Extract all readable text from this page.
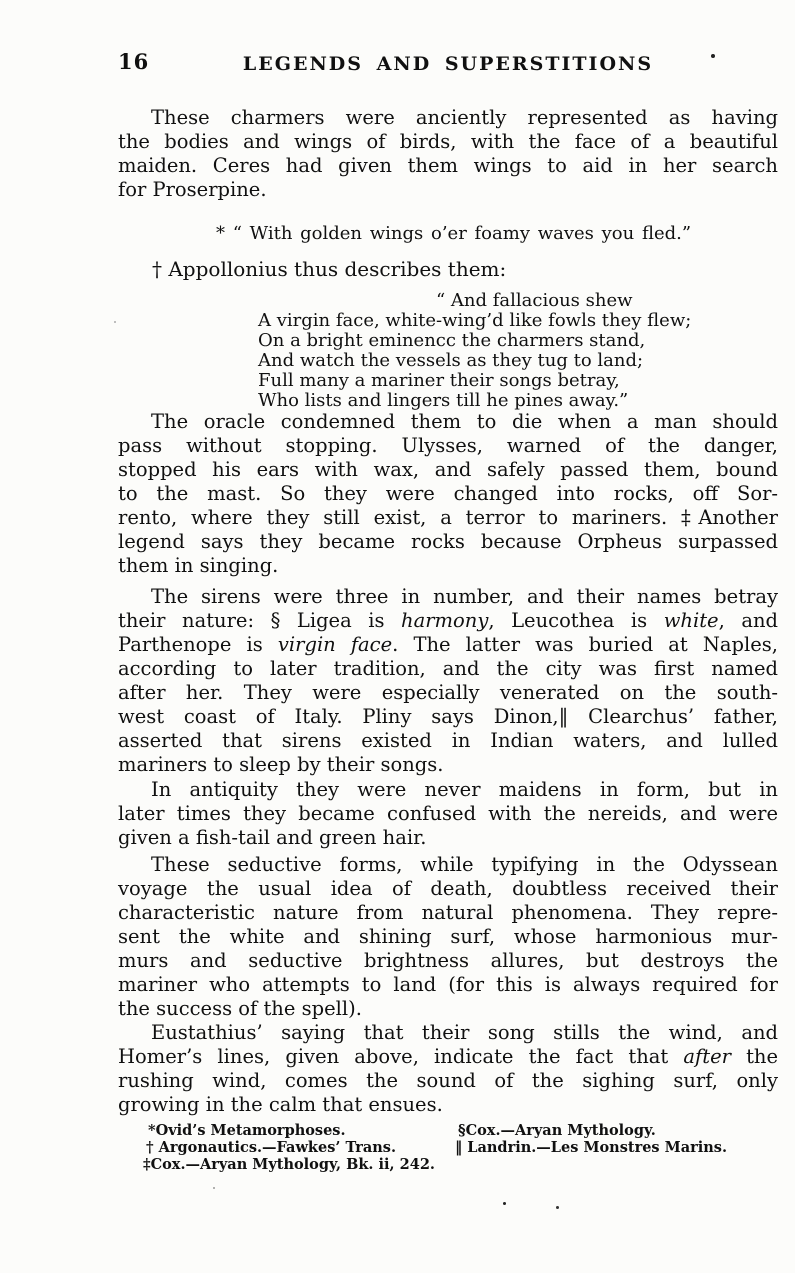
16	LEGENDS AND SUPERSTITIONS
These charmers were anciently represented as having
the bodies and wings of birds, with the face of a beautiful
maiden. Ceres had given them wings to aid in her search
for Proserpine.
* “ With golden wings o’er foamy waves you fled.”
† Appollonius thus describes them:
“ And fallacious shew
A virgin face, white-wing’d like fowls they flew;
On a bright eminencc the charmers stand,
And watch the vessels as they tug to land;
Full many a mariner their songs betray,
Who lists and lingers till he pines away.”
The oracle condemned them to die when a man should
pass without stopping. Ulysses, warned of the danger,
stopped his ears with wax, and safely passed them, bound
to the mast. So they were changed into rocks, off Sor-
rento, where they still exist, a terror to mariners. ‡Another
legend says they became rocks because Orpheus surpassed
them in singing.
The sirens were three in number, and their names betray
their nature: § Ligea is harmony, Leucothea is white, and
Parthenope is virgin face. The latter was buried at Naples,
according to later tradition, and the city was first named
after her. They were especially venerated on the south-
west coast of Italy. Pliny says Dinon,‖ Clearchus’ father,
asserted that sirens existed in Indian waters, and lulled
mariners to sleep by their songs.
In antiquity they were never maidens in form, but in
later times they became confused with the nereids, and were
given a fish-tail and green hair.
These seductive forms, while typifying in the Odyssean
voyage the usual idea of death, doubtless received their
characteristic nature from natural phenomena. They repre-
sent the white and shining surf, whose harmonious mur-
murs and seductive brightness allures, but destroys the
mariner who attempts to land (for this is always required for
the success of the spell).
Eustathius’ saying that their song stills the wind, and
Homer’s lines, given above, indicate the fact that after the
rushing wind, comes the sound of the sighing surf, only
growing in the calm that ensues.
*Ovid’s Metamorphoses.	§Cox.—Aryan Mythology.
† Argonautics.—Fawkes’ Trans.	‖ Landrin.—Les Monstres Marins.
‡Cox.—Aryan Mythology, Bk. ii, 242.
